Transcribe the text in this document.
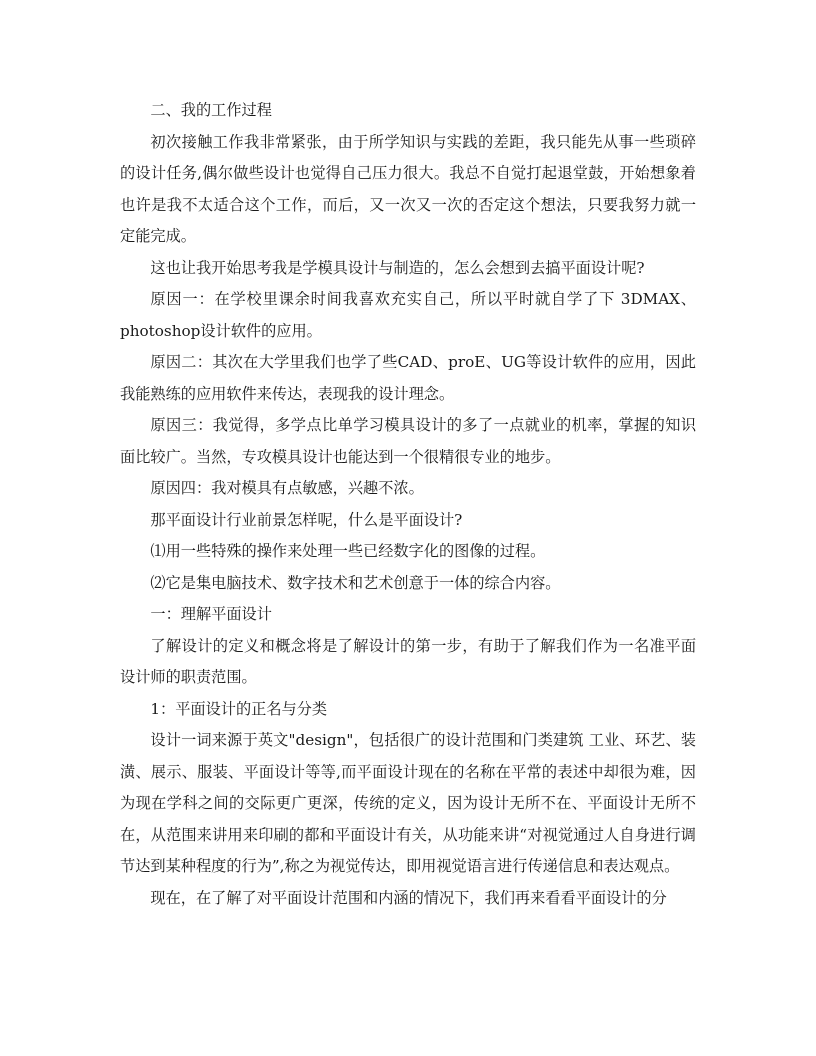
二、我的工作过程

初次接触工作我非常紧张，由于所学知识与实践的差距，我只能先从事一些琐碎的设计任务,偶尔做些设计也觉得自己压力很大。我总不自觉打起退堂鼓，开始想象着也许是我不太适合这个工作，而后，又一次又一次的否定这个想法，只要我努力就一定能完成。

这也让我开始思考我是学模具设计与制造的，怎么会想到去搞平面设计呢?

原因一：在学校里课余时间我喜欢充实自己，所以平时就自学了下 3DMAX、photoshop设计软件的应用。

原因二：其次在大学里我们也学了些CAD、proE、UG等设计软件的应用，因此我能熟练的应用软件来传达，表现我的设计理念。

原因三：我觉得，多学点比单学习模具设计的多了一点就业的机率，掌握的知识面比较广。当然，专攻模具设计也能达到一个很精很专业的地步。

原因四：我对模具有点敏感，兴趣不浓。

那平面设计行业前景怎样呢，什么是平面设计?

⑴用一些特殊的操作来处理一些已经数字化的图像的过程。

⑵它是集电脑技术、数字技术和艺术创意于一体的综合内容。

一：理解平面设计

了解设计的定义和概念将是了解设计的第一步，有助于了解我们作为一名准平面设计师的职责范围。

1：平面设计的正名与分类

设计一词来源于英文"design"，包括很广的设计范围和门类建筑 工业、环艺、装潢、展示、服装、平面设计等等,而平面设计现在的名称在平常的表述中却很为难，因为现在学科之间的交际更广更深，传统的定义，因为设计无所不在、平面设计无所不在，从范围来讲用来印刷的都和平面设计有关，从功能来讲“对视觉通过人自身进行调节达到某种程度的行为”,称之为视觉传达，即用视觉语言进行传递信息和表达观点。

现在，在了解了对平面设计范围和内涵的情况下，我们再来看看平面设计的分
